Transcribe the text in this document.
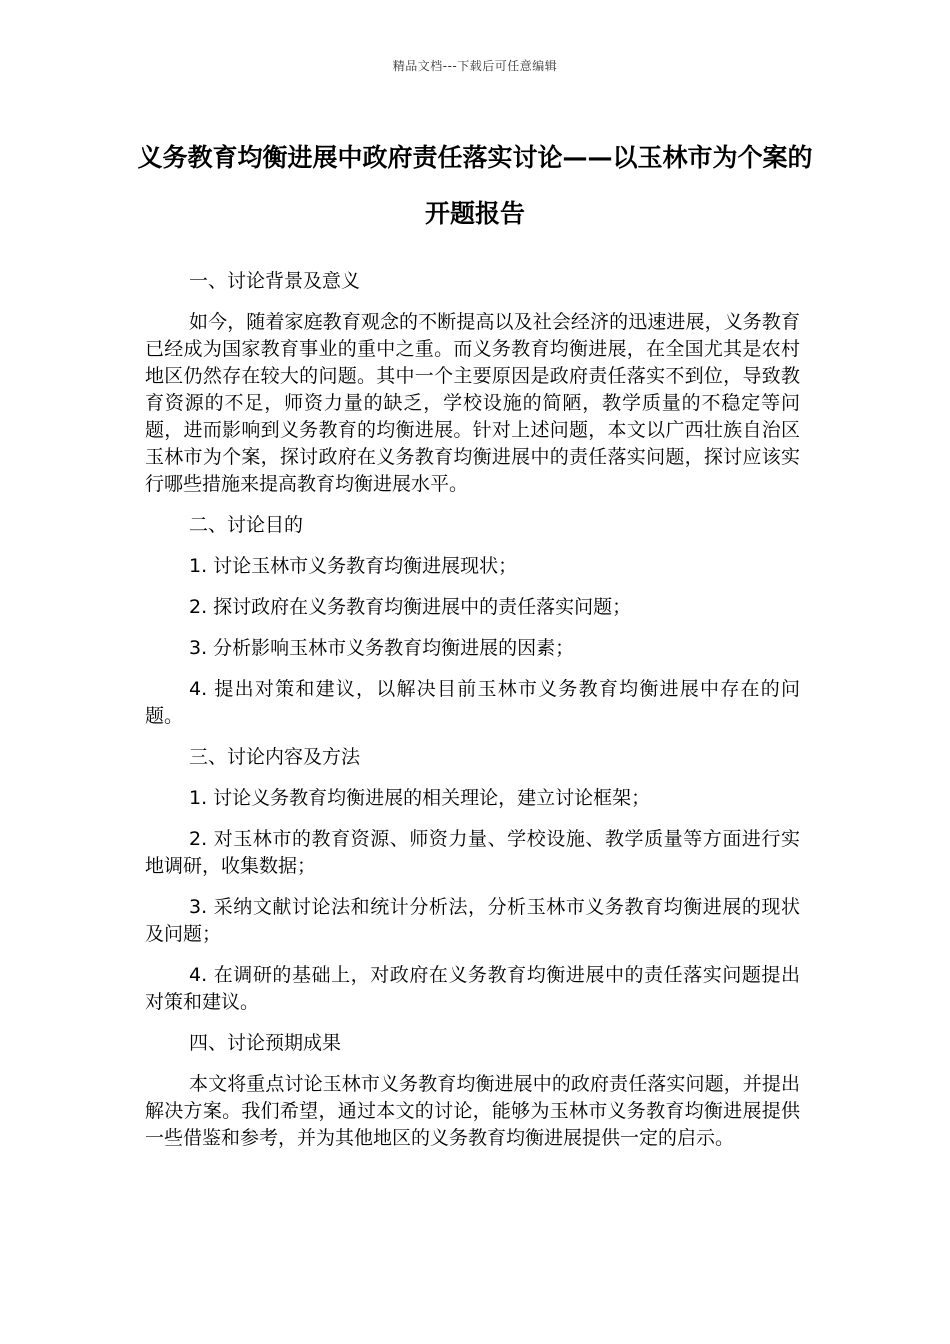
精品文档---下载后可任意编辑
义务教育均衡进展中政府责任落实讨论——以玉林市为个案的开题报告

一、讨论背景及意义

如今，随着家庭教育观念的不断提高以及社会经济的迅速进展，义务教育已经成为国家教育事业的重中之重。而义务教育均衡进展，在全国尤其是农村地区仍然存在较大的问题。其中一个主要原因是政府责任落实不到位，导致教育资源的不足，师资力量的缺乏，学校设施的简陋，教学质量的不稳定等问题，进而影响到义务教育的均衡进展。针对上述问题，本文以广西壮族自治区玉林市为个案，探讨政府在义务教育均衡进展中的责任落实问题，探讨应该实行哪些措施来提高教育均衡进展水平。

二、讨论目的

1. 讨论玉林市义务教育均衡进展现状；

2. 探讨政府在义务教育均衡进展中的责任落实问题；

3. 分析影响玉林市义务教育均衡进展的因素；

4. 提出对策和建议，以解决目前玉林市义务教育均衡进展中存在的问题。

三、讨论内容及方法

1. 讨论义务教育均衡进展的相关理论，建立讨论框架；

2. 对玉林市的教育资源、师资力量、学校设施、教学质量等方面进行实地调研，收集数据；

3. 采纳文献讨论法和统计分析法，分析玉林市义务教育均衡进展的现状及问题；

4. 在调研的基础上，对政府在义务教育均衡进展中的责任落实问题提出对策和建议。

四、讨论预期成果

本文将重点讨论玉林市义务教育均衡进展中的政府责任落实问题，并提出解决方案。我们希望，通过本文的讨论，能够为玉林市义务教育均衡进展提供一些借鉴和参考，并为其他地区的义务教育均衡进展提供一定的启示。
